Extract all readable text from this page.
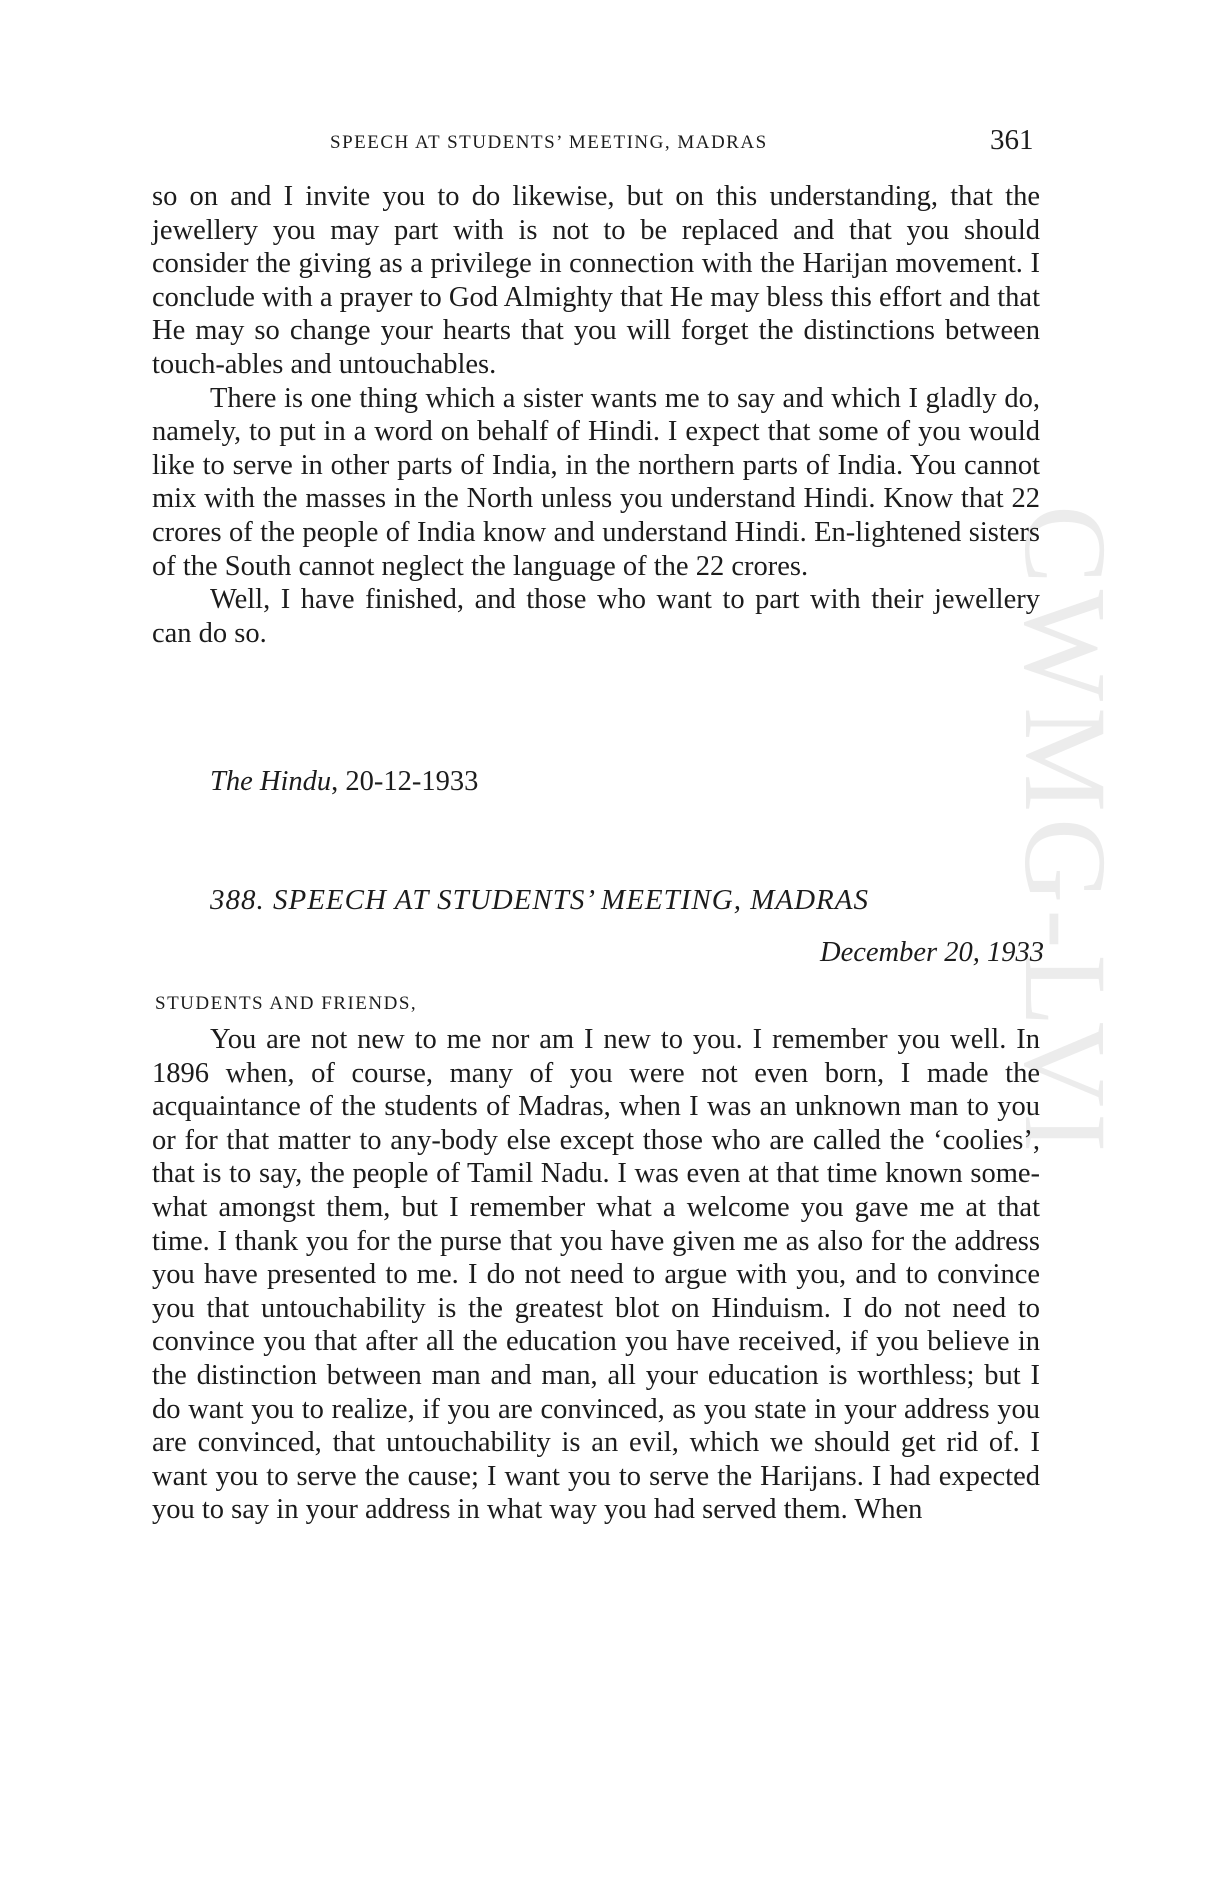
SPEECH AT STUDENTS’ MEETING, MADRAS	361
CWMG-LVI

so on and I invite you to do likewise, but on this understanding, that the jewellery you may part with is not to be replaced and that you should consider the giving as a privilege in connection with the Harijan movement. I conclude with a prayer to God Almighty that He may bless this effort and that He may so change your hearts that you will forget the distinctions between touch-ables and untouchables.

There is one thing which a sister wants me to say and which I gladly do, namely, to put in a word on behalf of Hindi. I expect that some of you would like to serve in other parts of India, in the northern parts of India. You cannot mix with the masses in the North unless you understand Hindi. Know that 22 crores of the people of India know and understand Hindi. En-lightened sisters of the South cannot neglect the language of the 22 crores.

Well, I have finished, and those who want to part with their jewellery can do so.

The Hindu, 20-12-1933
388. SPEECH AT STUDENTS’ MEETING, MADRAS
December 20, 1933
STUDENTS AND FRIENDS,

You are not new to me nor am I new to you. I remember you well. In 1896 when, of course, many of you were not even born, I made the acquaintance of the students of Madras, when I was an unknown man to you or for that matter to any-body else except those who are called the ‘coolies’, that is to say, the people of Tamil Nadu. I was even at that time known some-what amongst them, but I remember what a welcome you gave me at that time. I thank you for the purse that you have given me as also for the address you have presented to me. I do not need to argue with you, and to convince you that untouchability is the greatest blot on Hinduism. I do not need to convince you that after all the education you have received, if you believe in the distinction between man and man, all your education is worthless; but I do want you to realize, if you are convinced, as you state in your address you are convinced, that untouchability is an evil, which we should get rid of. I want you to serve the cause; I want you to serve the Harijans. I had expected you to say in your address in what way you had served them. When
